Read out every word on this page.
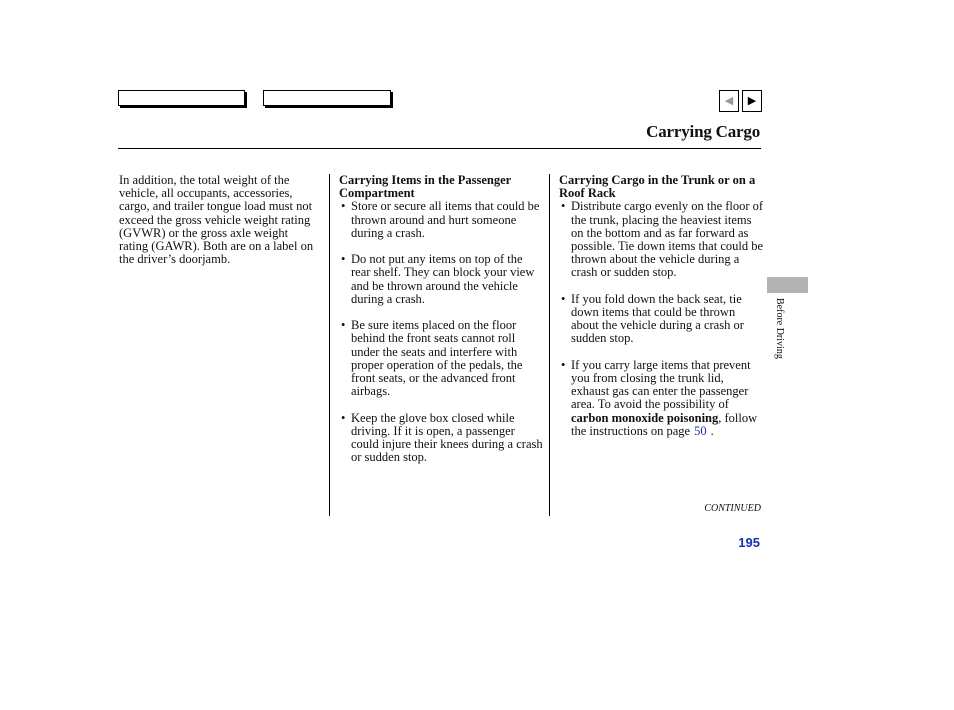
◀ ▶
Carrying Cargo
In addition, the total weight of the vehicle, all occupants, accessories, cargo, and trailer tongue load must not exceed the gross vehicle weight rating (GVWR) or the gross axle weight rating (GAWR). Both are on a label on the driver’s doorjamb.
Carrying Items in the Passenger Compartment
• Store or secure all items that could be thrown around and hurt someone during a crash.
• Do not put any items on top of the rear shelf. They can block your view and be thrown around the vehicle during a crash.
• Be sure items placed on the floor behind the front seats cannot roll under the seats and interfere with proper operation of the pedals, the front seats, or the advanced front airbags.
• Keep the glove box closed while driving. If it is open, a passenger could injure their knees during a crash or sudden stop.
Carrying Cargo in the Trunk or on a Roof Rack
• Distribute cargo evenly on the floor of the trunk, placing the heaviest items on the bottom and as far forward as possible. Tie down items that could be thrown about the vehicle during a crash or sudden stop.
• If you fold down the back seat, tie down items that could be thrown about the vehicle during a crash or sudden stop.
• If you carry large items that prevent you from closing the trunk lid, exhaust gas can enter the passenger area. To avoid the possibility of carbon monoxide poisoning, follow the instructions on page 50 .
Before Driving
CONTINUED
195
